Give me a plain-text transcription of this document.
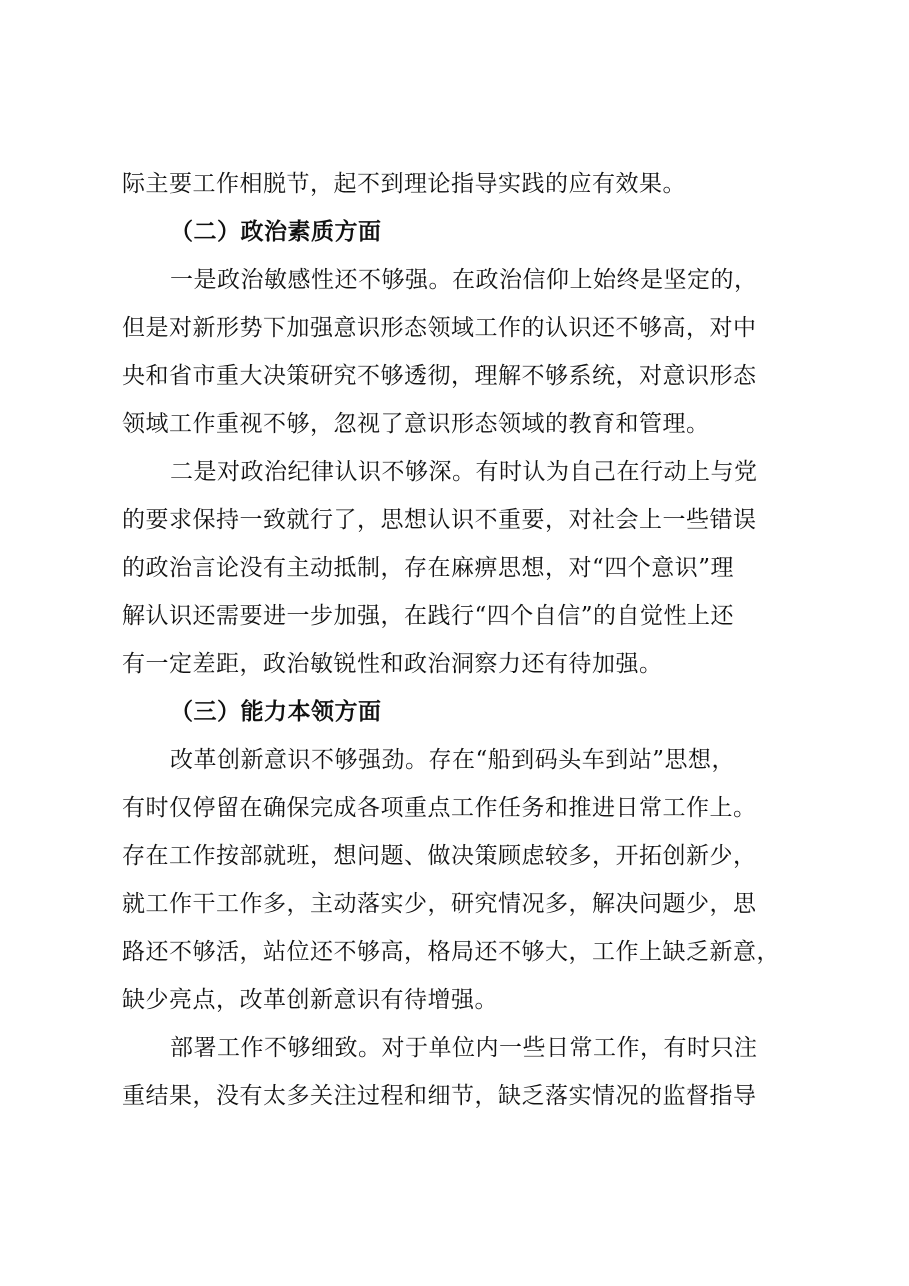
际主要工作相脱节，起不到理论指导实践的应有效果。
（二）政治素质方面
一是政治敏感性还不够强。在政治信仰上始终是坚定的，
但是对新形势下加强意识形态领域工作的认识还不够高，对中
央和省市重大决策研究不够透彻，理解不够系统，对意识形态
领域工作重视不够，忽视了意识形态领域的教育和管理。
二是对政治纪律认识不够深。有时认为自己在行动上与党
的要求保持一致就行了，思想认识不重要，对社会上一些错误
的政治言论没有主动抵制，存在麻痹思想，对“四个意识”理
解认识还需要进一步加强，在践行“四个自信”的自觉性上还
有一定差距，政治敏锐性和政治洞察力还有待加强。
（三）能力本领方面
改革创新意识不够强劲。存在“船到码头车到站”思想，
有时仅停留在确保完成各项重点工作任务和推进日常工作上。
存在工作按部就班，想问题、做决策顾虑较多，开拓创新少，
就工作干工作多，主动落实少，研究情况多，解决问题少，思
路还不够活，站位还不够高，格局还不够大，工作上缺乏新意，
缺少亮点，改革创新意识有待增强。
部署工作不够细致。对于单位内一些日常工作，有时只注
重结果，没有太多关注过程和细节，缺乏落实情况的监督指导
